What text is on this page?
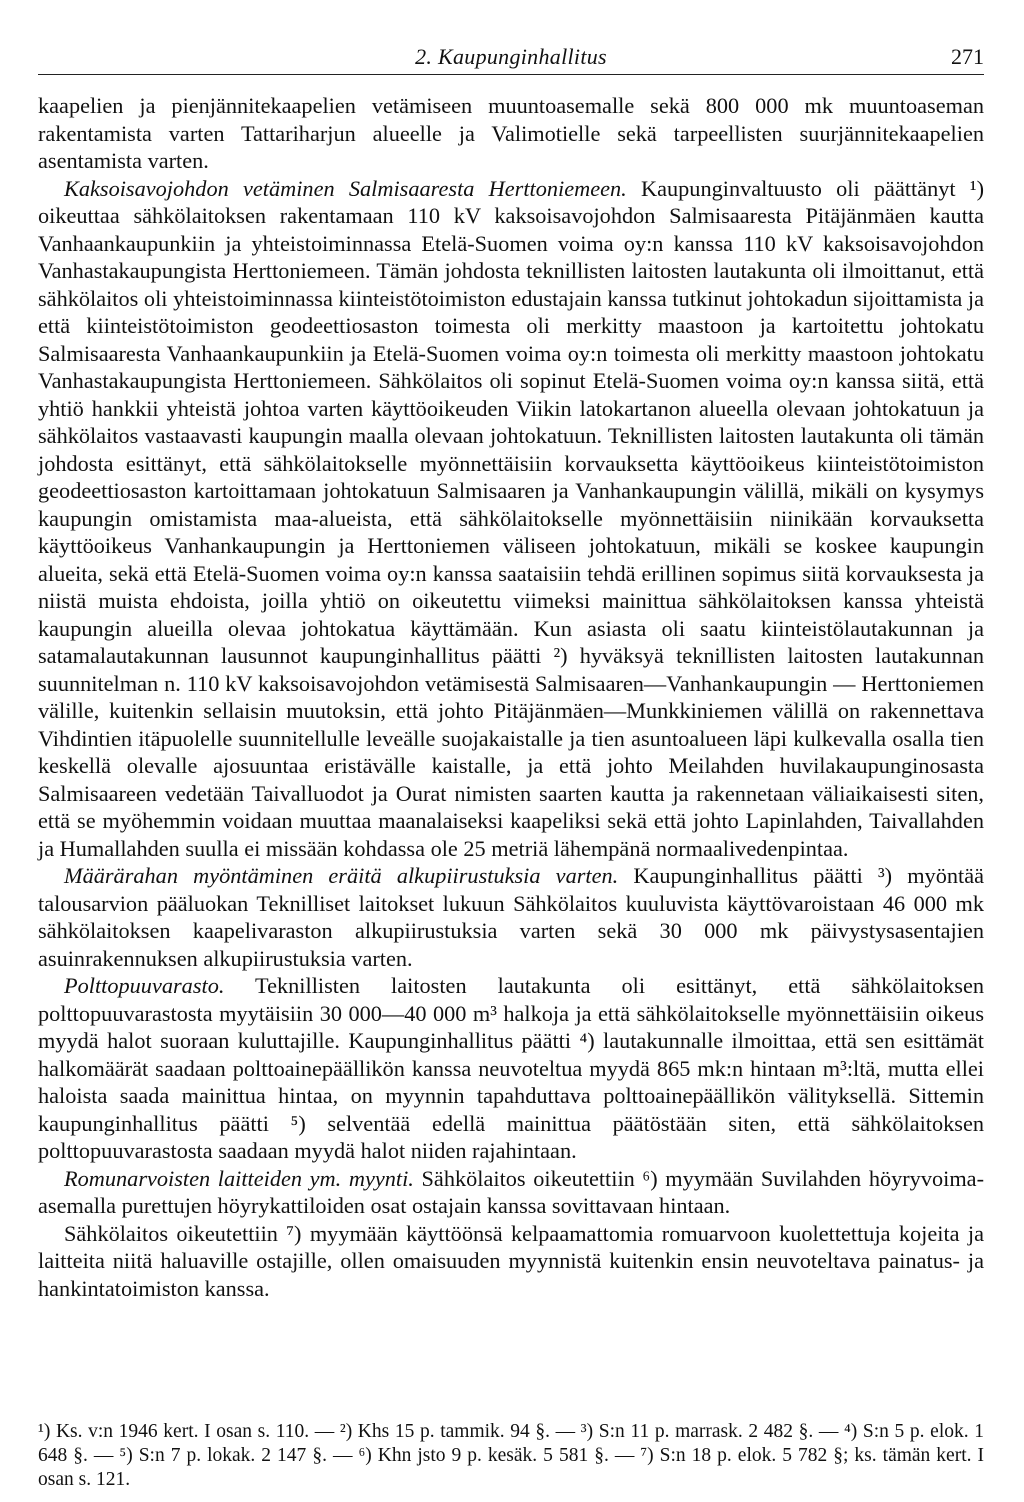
2. Kaupunginhallitus	271

kaapelien ja pienjännitekaapelien vetämiseen muuntoasemalle sekä 800 000 mk muuntoaseman rakentamista varten Tattariharjun alueelle ja Valimotielle sekä tarpeellisten suurjännitekaapelien asentamista varten.

Kaksoisavojohdon vetäminen Salmisaaresta Herttoniemeen. Kaupunginvaltuusto oli päättänyt ¹) oikeuttaa sähkölaitoksen rakentamaan 110 kV kaksoisavojohdon Salmisaaresta Pitäjänmäen kautta Vanhaankaupunkiin ja yhteistoiminnassa Etelä-Suomen voima oy:n kanssa 110 kV kaksoisavojohdon Vanhastakaupungista Herttoniemeen. Tämän johdosta teknillisten laitosten lautakunta oli ilmoittanut, että sähkölaitos oli yhteistoiminnassa kiinteistötoimiston edustajain kanssa tutkinut johtokadun sijoittamista ja että kiinteistötoimiston geodeettiosaston toimesta oli merkitty maastoon ja kartoitettu johtokatu Salmisaaresta Vanhaankaupunkiin ja Etelä-Suomen voima oy:n toimesta oli merkitty maastoon johtokatu Vanhastakaupungista Herttoniemeen. Sähkölaitos oli sopinut Etelä-Suomen voima oy:n kanssa siitä, että yhtiö hankkii yhteistä johtoa varten käyttöoikeuden Viikin latokartanon alueella olevaan johtokatuun ja sähkölaitos vastaavasti kaupungin maalla olevaan johtokatuun. Teknillisten laitosten lautakunta oli tämän johdosta esittänyt, että sähkölaitokselle myönnettäisiin korvauksetta käyttöoikeus kiinteistötoimiston geodeettiosaston kartoittamaan johtokatuun Salmisaaren ja Vanhankaupungin välillä, mikäli on kysymys kaupungin omistamista maa-alueista, että sähkölaitokselle myönnettäisiin niinikään korvauksetta käyttöoikeus Vanhankaupungin ja Herttoniemen väliseen johtokatuun, mikäli se koskee kaupungin alueita, sekä että Etelä-Suomen voima oy:n kanssa saataisiin tehdä erillinen sopimus siitä korvauksesta ja niistä muista ehdoista, joilla yhtiö on oikeutettu viimeksi mainittua sähkölaitoksen kanssa yhteistä kaupungin alueilla olevaa johtokatua käyttämään. Kun asiasta oli saatu kiinteistölautakunnan ja satamalautakunnan lausunnot kaupunginhallitus päätti ²) hyväksyä teknillisten laitosten lautakunnan suunnitelman n. 110 kV kaksoisavojohdon vetämisestä Salmisaaren—Vanhankaupungin — Herttoniemen välille, kuitenkin sellaisin muutoksin, että johto Pitäjänmäen—Munkkiniemen välillä on rakennettava Vihdintien itäpuolelle suunnitellulle leveälle suojakaistalle ja tien asuntoalueen läpi kulkevalla osalla tien keskellä olevalle ajosuuntaa eristävälle kaistalle, ja että johto Meilahden huvilakaupunginosasta Salmisaareen vedetään Taivalluodot ja Ourat nimisten saarten kautta ja rakennetaan väliaikaisesti siten, että se myöhemmin voidaan muuttaa maanalaiseksi kaapeliksi sekä että johto Lapinlahden, Taivallahden ja Humallahden suulla ei missään kohdassa ole 25 metriä lähempänä normaalivedenpintaa.

Määrärahan myöntäminen eräitä alkupiirustuksia varten. Kaupunginhallitus päätti ³) myöntää talousarvion pääluokan Teknilliset laitokset lukuun Sähkölaitos kuuluvista käyttövaroistaan 46 000 mk sähkölaitoksen kaapelivaraston alkupiirustuksia varten sekä 30 000 mk päivystysasentajien asuinrakennuksen alkupiirustuksia varten.

Polttopuuvarasto. Teknillisten laitosten lautakunta oli esittänyt, että sähkölaitoksen polttopuuvarastosta myytäisiin 30 000—40 000 m³ halkoja ja että sähkölaitokselle myönnettäisiin oikeus myydä halot suoraan kuluttajille. Kaupunginhallitus päätti ⁴) lautakunnalle ilmoittaa, että sen esittämät halkomäärät saadaan polttoainepäällikön kanssa neuvoteltua myydä 865 mk:n hintaan m³:ltä, mutta ellei haloista saada mainittua hintaa, on myynnin tapahduttava polttoainepäällikön välityksellä. Sittemin kaupunginhallitus päätti ⁵) selventää edellä mainittua päätöstään siten, että sähkölaitoksen polttopuuvarastosta saadaan myydä halot niiden rajahintaan.

Romunarvoisten laitteiden ym. myynti. Sähkölaitos oikeutettiin ⁶) myymään Suvilahden höyryvoima-asemalla purettujen höyrykattiloiden osat ostajain kanssa sovittavaan hintaan.

Sähkölaitos oikeutettiin ⁷) myymään käyttöönsä kelpaamattomia romuarvoon kuolettettuja kojeita ja laitteita niitä haluaville ostajille, ollen omaisuuden myynnistä kuitenkin ensin neuvoteltava painatus- ja hankintatoimiston kanssa.

¹) Ks. v:n 1946 kert. I osan s. 110. — ²) Khs 15 p. tammik. 94 §. — ³) S:n 11 p. marrask. 2 482 §. — ⁴) S:n 5 p. elok. 1 648 §. — ⁵) S:n 7 p. lokak. 2 147 §. — ⁶) Khn jsto 9 p. kesäk. 5 581 §. — ⁷) S:n 18 p. elok. 5 782 §; ks. tämän kert. I osan s. 121.
